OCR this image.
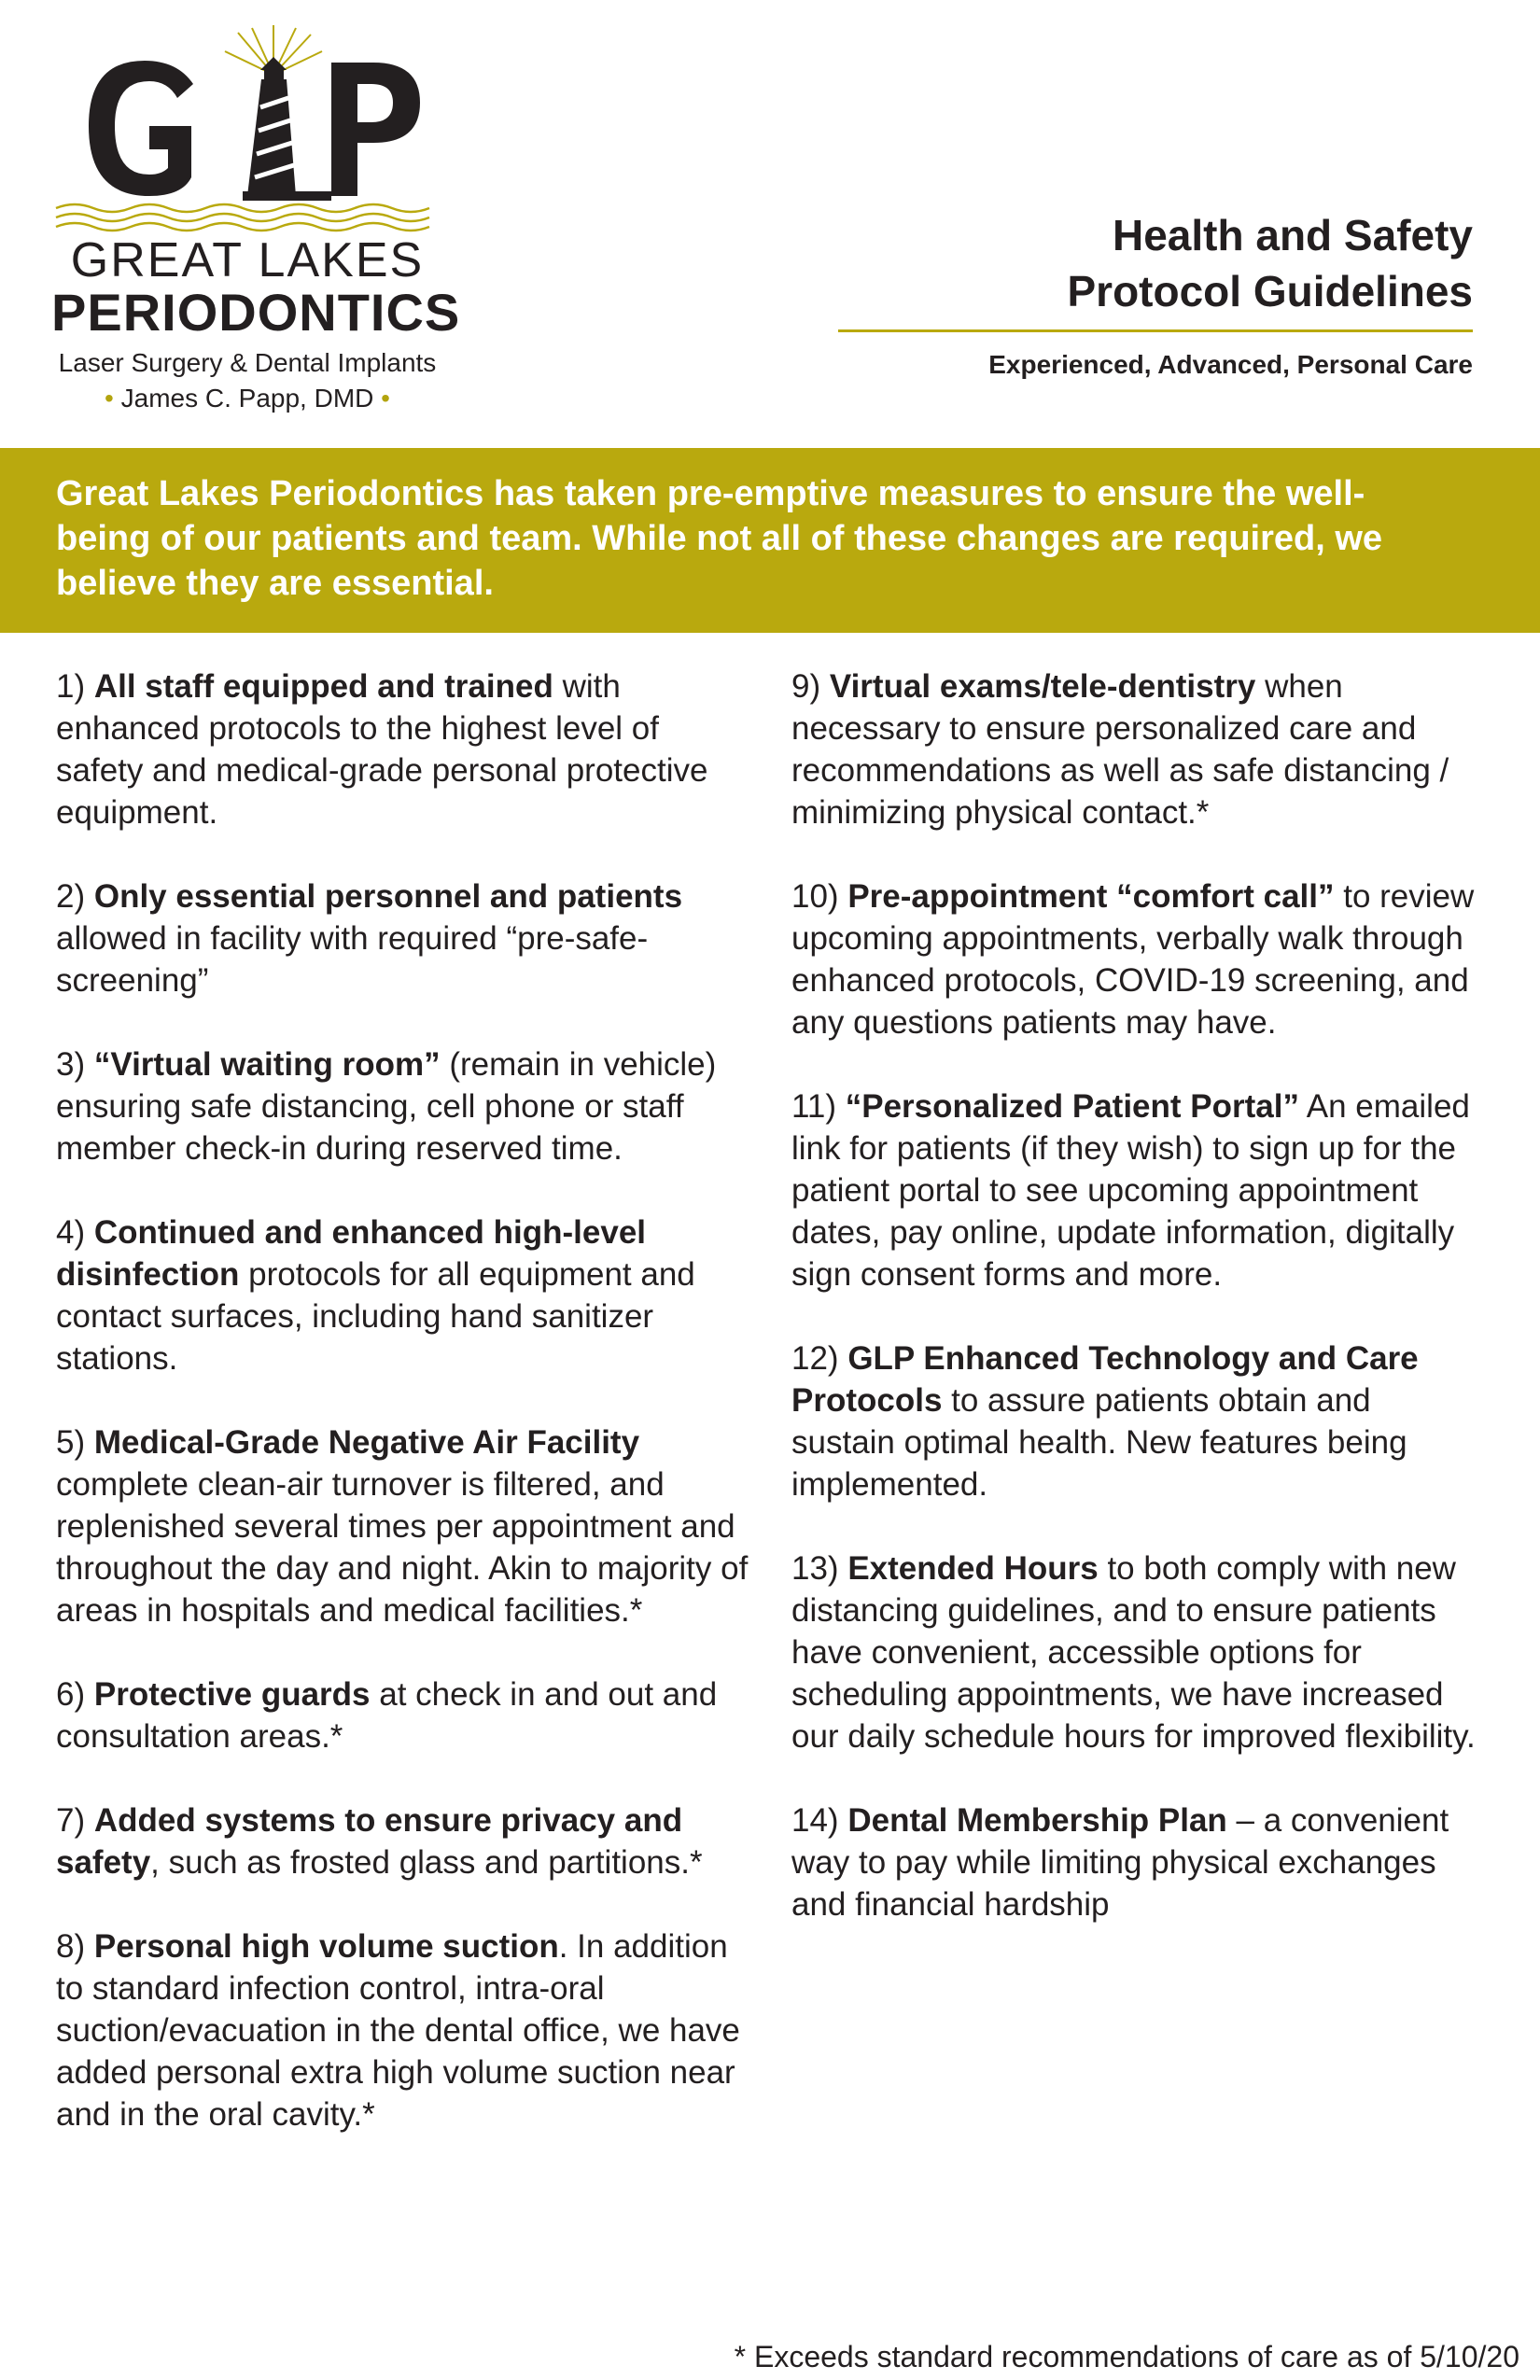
GREAT LAKES
PERIODONTICS
Laser Surgery & Dental Implants
• James C. Papp, DMD •
Health and Safety
Protocol Guidelines
Experienced, Advanced, Personal Care

Great Lakes Periodontics has taken pre-emptive measures to ensure the well-being of our patients and team. While not all of these changes are required, we believe they are essential.

1) All staff equipped and trained with enhanced protocols to the highest level of safety and medical-grade personal protective equipment.

2) Only essential personnel and patients allowed in facility with required “pre-safe-screening”

3) “Virtual waiting room” (remain in vehicle) ensuring safe distancing, cell phone or staff member check-in during reserved time.

4) Continued and enhanced high-level disinfection protocols for all equipment and contact surfaces, including hand sanitizer stations.

5) Medical-Grade Negative Air Facility complete clean-air turnover is filtered, and replenished several times per appointment and throughout the day and night. Akin to majority of areas in hospitals and medical facilities.*

6) Protective guards at check in and out and consultation areas.*

7) Added systems to ensure privacy and safety, such as frosted glass and partitions.*

8) Personal high volume suction. In addition to standard infection control, intra-oral suction/evacuation in the dental office, we have added personal extra high volume suction near and in the oral cavity.*

9) Virtual exams/tele-dentistry when necessary to ensure personalized care and recommendations as well as safe distancing / minimizing physical contact.*

10) Pre-appointment “comfort call” to review upcoming appointments, verbally walk through enhanced protocols, COVID-19 screening, and any questions patients may have.

11) “Personalized Patient Portal” An emailed link for patients (if they wish) to sign up for the patient portal to see upcoming appointment dates, pay online, update information, digitally sign consent forms and more.

12) GLP Enhanced Technology and Care Protocols to assure patients obtain and sustain optimal health. New features being implemented.

13) Extended Hours to both comply with new distancing guidelines, and to ensure patients have convenient, accessible options for scheduling appointments, we have increased our daily schedule hours for improved flexibility.

14) Dental Membership Plan – a convenient way to pay while limiting physical exchanges and financial hardship

* Exceeds standard recommendations of care as of 5/10/20
